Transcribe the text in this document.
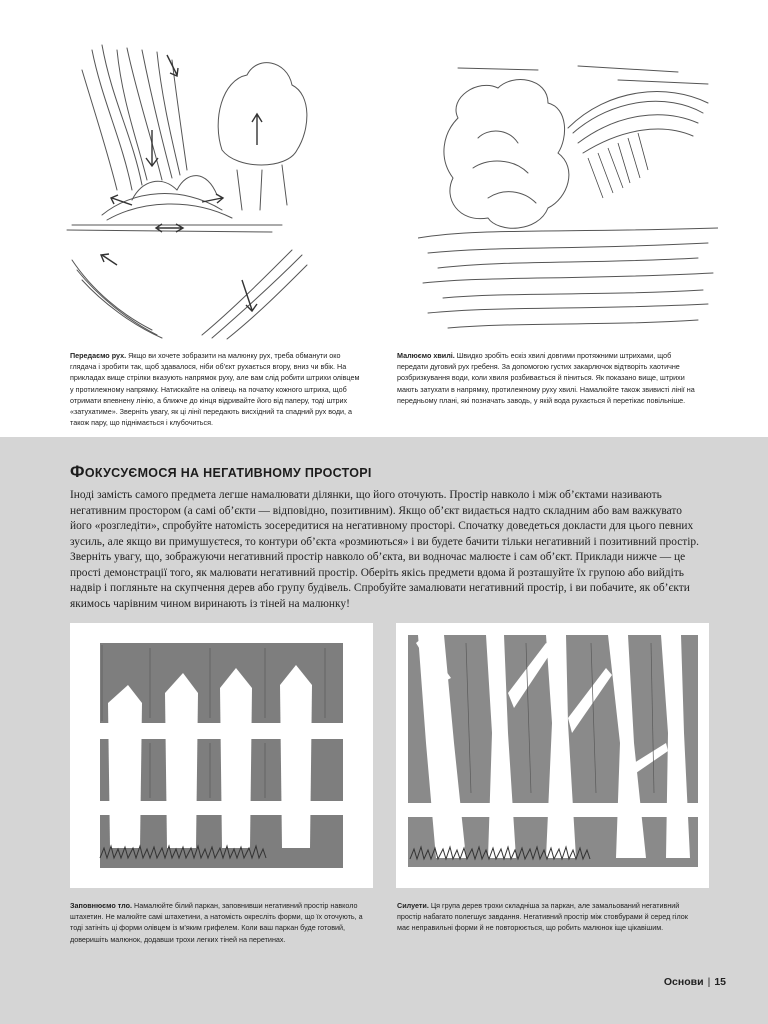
Передаємо рух. Якщо ви хочете зобразити на малюнку рух, треба обманути око глядача і зробити так, щоб здавалося, ніби об’єкт рухається вгору, вниз чи вбік. На прикладах вище стрілки вказують напрямок руху, але вам слід робити штрихи олівцем у протилежному напрямку. Натискайте на олівець на початку кожного штриха, щоб отримати впевнену лінію, а ближче до кінця відривайте його від паперу, тоді штрих «затухатиме». Зверніть увагу, як ці лінії передають висхідний та спадний рух води, а також пару, що піднімається і клубочиться.
Малюємо хвилі. Швидко зробіть ескіз хвилі довгими протяжними штрихами, щоб передати дуговий рух гребеня. За допомогою густих закарлючок відтворіть хаотичне розбризкування води, коли хвиля розбивається й піниться. Як показано вище, штрихи мають затухати в напрямку, протилежному руху хвилі. Намалюйте також звивисті лінії на передньому плані, які позначать заводь, у якій вода рухається й перетікає повільніше.
ФОКУСУЄМОСЯ НА НЕГАТИВНОМУ ПРОСТОРІ
Іноді замість самого предмета легше намалювати ділянки, що його оточують. Простір навколо і між об’єктами називають негативним простором (а самі об’єкти — відповідно, позитивним). Якщо об’єкт видається надто складним або вам важкувато його «розгледіти», спробуйте натомість зосередитися на негативному просторі. Спочатку доведеться докласти для цього певних зусиль, але якщо ви примушуєтеся, то контури об’єкта «розмиються» і ви будете бачити тільки негативний і позитивний простір. Зверніть увагу, що, зображуючи негативний простір навколо об’єкта, ви водночас малюєте і сам об’єкт. Приклади нижче — це прості демонстрації того, як малювати негативний простір. Оберіть якісь предмети вдома й розташуйте їх групою або вийдіть надвір і погляньте на скупчення дерев або групу будівель. Спробуйте замалювати негативний простір, і ви побачите, як об’єкти якимось чарівним чином виринають із тіней на малюнку!
Заповнюємо тло. Намалюйте білий паркан, заповнивши негативний простір навколо штахетин. Не малюйте самі штахетини, а натомість окресліть форми, що їх оточують, а тоді затініть ці форми олівцем із м’яким грифелем. Коли ваш паркан буде готовий, доверишіть малюнок, додавши трохи легких тіней на перетинах.
Силуети. Ця група дерев трохи складніша за паркан, але замальований негативний простір набагато полегшує завдання. Негативний простір між стовбурами й серед гілок має неправильні форми й не повторюється, що робить малюнок іще цікавішим.
Основи | 15
